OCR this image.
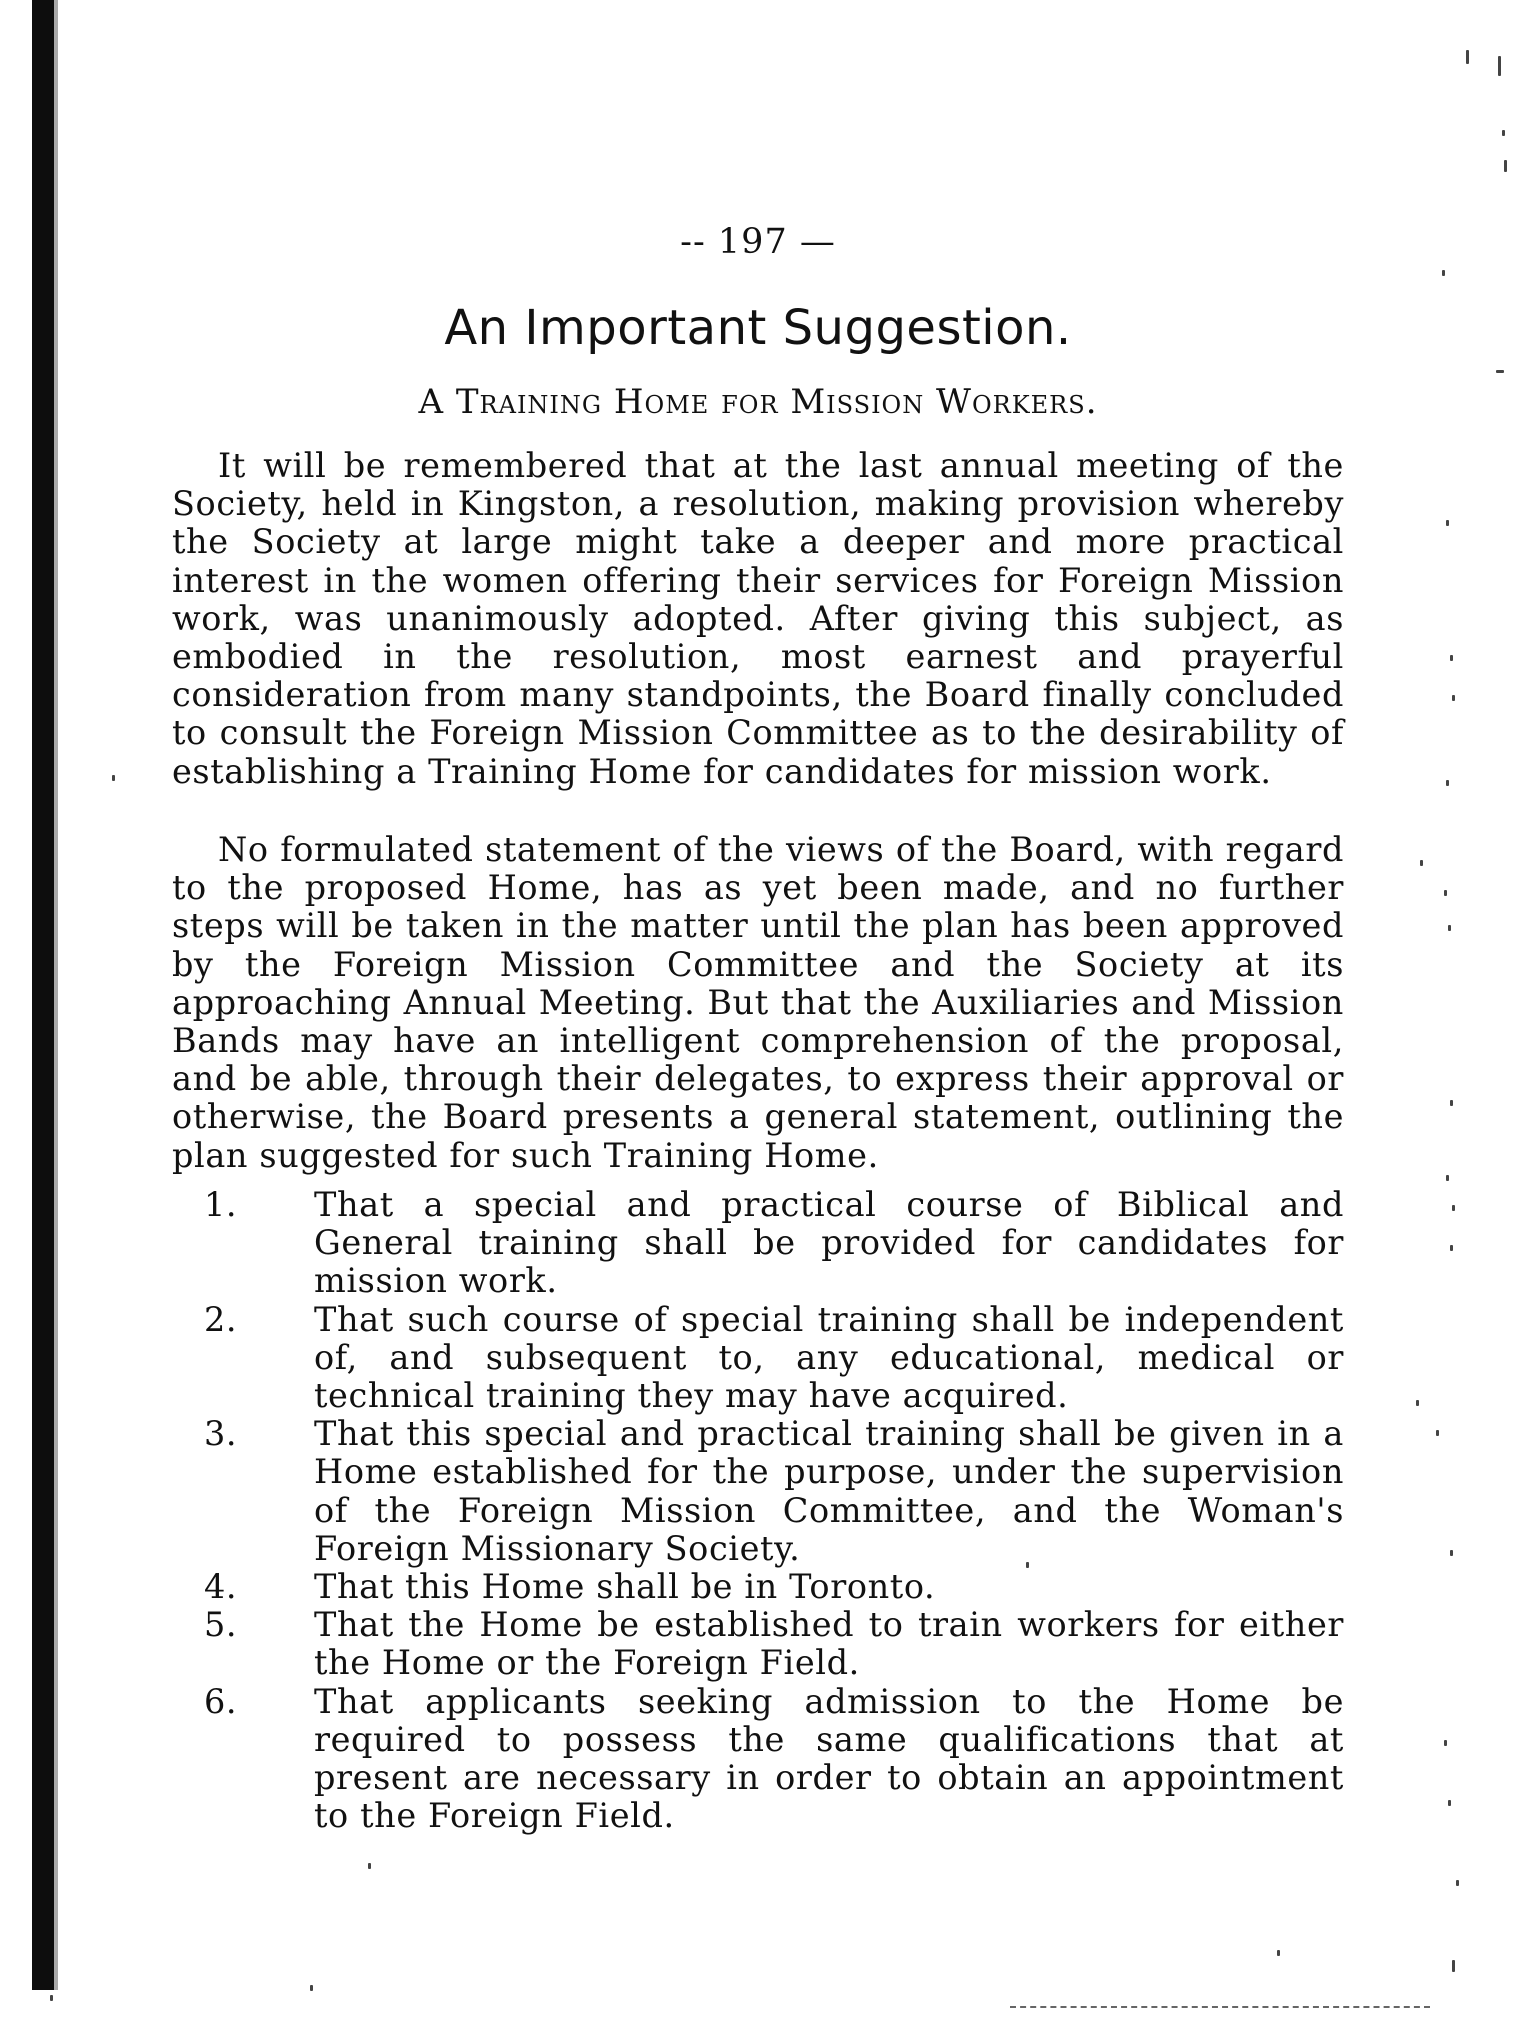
-- 197 —
An Important Suggestion.
A Training Home for Mission Workers.

It will be remembered that at the last annual meeting of the Society, held in Kingston, a resolution, making provision whereby the Society at large might take a deeper and more practical interest in the women offering their services for Foreign Mission work, was unanimously adopted. After giving this subject, as embodied in the resolution, most earnest and prayerful consideration from many standpoints, the Board finally concluded to consult the Foreign Mission Committee as to the desirability of establishing a Training Home for candidates for mission work.

No formulated statement of the views of the Board, with regard to the proposed Home, has as yet been made, and no further steps will be taken in the matter until the plan has been approved by the Foreign Mission Committee and the Society at its approaching Annual Meeting. But that the Auxiliaries and Mission Bands may have an intelligent comprehension of the proposal, and be able, through their delegates, to express their approval or otherwise, the Board presents a general statement, outlining the plan suggested for such Training Home.

1. That a special and practical course of Biblical and General training shall be provided for candidates for mission work.
2. That such course of special training shall be independent of, and subsequent to, any educational, medical or technical training they may have acquired.
3. That this special and practical training shall be given in a Home established for the purpose, under the supervision of the Foreign Mission Committee, and the Woman's Foreign Missionary Society.
4. That this Home shall be in Toronto.
5. That the Home be established to train workers for either the Home or the Foreign Field.
6. That applicants seeking admission to the Home be required to possess the same qualifications that at present are necessary in order to obtain an appointment to the Foreign Field.
